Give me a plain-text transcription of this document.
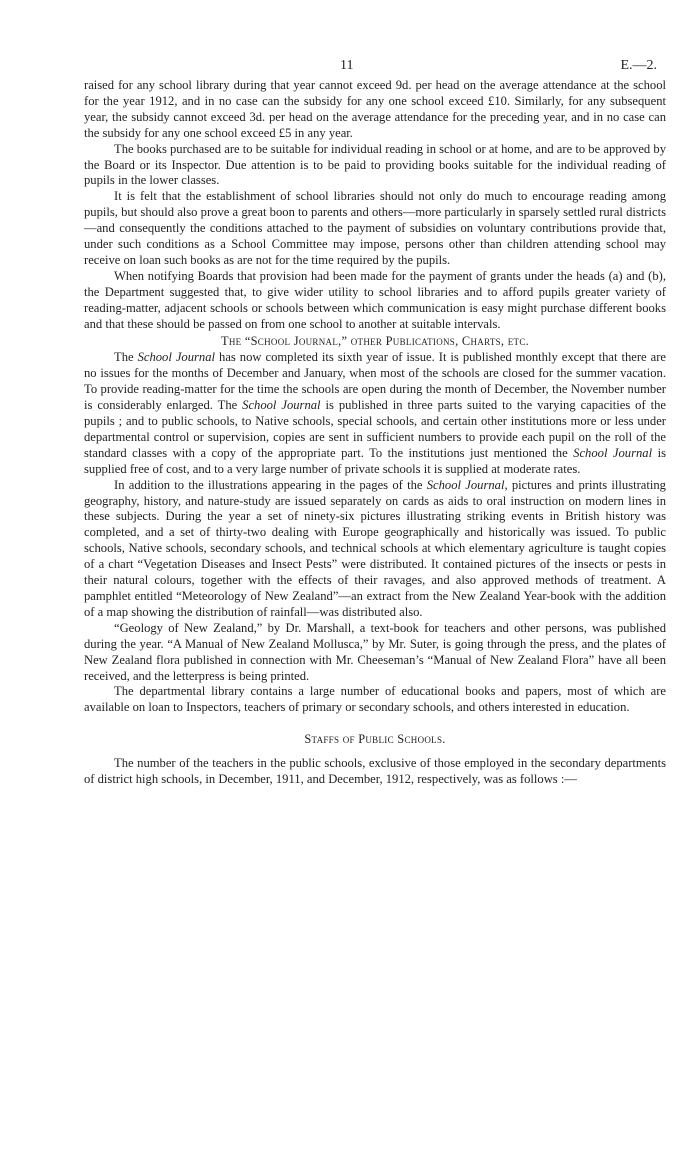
11	E.—2.

raised for any school library during that year cannot exceed 9d. per head on the average attendance at the school for the year 1912, and in no case can the subsidy for any one school exceed £10. Similarly, for any subsequent year, the subsidy cannot exceed 3d. per head on the average attendance for the preceding year, and in no case can the subsidy for any one school exceed £5 in any year.

The books purchased are to be suitable for individual reading in school or at home, and are to be approved by the Board or its Inspector. Due attention is to be paid to providing books suitable for the individual reading of pupils in the lower classes.

It is felt that the establishment of school libraries should not only do much to encourage reading among pupils, but should also prove a great boon to parents and others—more particularly in sparsely settled rural districts—and consequently the conditions attached to the payment of subsidies on voluntary contributions provide that, under such conditions as a School Committee may impose, persons other than children attending school may receive on loan such books as are not for the time required by the pupils.

When notifying Boards that provision had been made for the payment of grants under the heads (a) and (b), the Department suggested that, to give wider utility to school libraries and to afford pupils greater variety of reading-matter, adjacent schools or schools between which communication is easy might purchase different books and that these should be passed on from one school to another at suitable intervals.

The “School Journal,” other Publications, Charts, etc.

The School Journal has now completed its sixth year of issue. It is published monthly except that there are no issues for the months of December and January, when most of the schools are closed for the summer vacation. To provide reading-matter for the time the schools are open during the month of December, the November number is considerably enlarged. The School Journal is published in three parts suited to the varying capacities of the pupils ; and to public schools, to Native schools, special schools, and certain other institutions more or less under departmental control or supervision, copies are sent in sufficient numbers to provide each pupil on the roll of the standard classes with a copy of the appropriate part. To the institutions just mentioned the School Journal is supplied free of cost, and to a very large number of private schools it is supplied at moderate rates.

In addition to the illustrations appearing in the pages of the School Journal, pictures and prints illustrating geography, history, and nature-study are issued separately on cards as aids to oral instruction on modern lines in these subjects. During the year a set of ninety-six pictures illustrating striking events in British history was completed, and a set of thirty-two dealing with Europe geographically and historically was issued. To public schools, Native schools, secondary schools, and technical schools at which elementary agriculture is taught copies of a chart “Vegetation Diseases and Insect Pests” were distributed. It contained pictures of the insects or pests in their natural colours, together with the effects of their ravages, and also approved methods of treatment. A pamphlet entitled “Meteorology of New Zealand”—an extract from the New Zealand Year-book with the addition of a map showing the distribution of rainfall—was distributed also.

“Geology of New Zealand,” by Dr. Marshall, a text-book for teachers and other persons, was published during the year. “A Manual of New Zealand Mollusca,” by Mr. Suter, is going through the press, and the plates of New Zealand flora published in connection with Mr. Cheeseman’s “Manual of New Zealand Flora” have all been received, and the letterpress is being printed.

The departmental library contains a large number of educational books and papers, most of which are available on loan to Inspectors, teachers of primary or secondary schools, and others interested in education.

Staffs of Public Schools.

The number of the teachers in the public schools, exclusive of those employed in the secondary departments of district high schools, in December, 1911, and December, 1912, respectively, was as follows :—
